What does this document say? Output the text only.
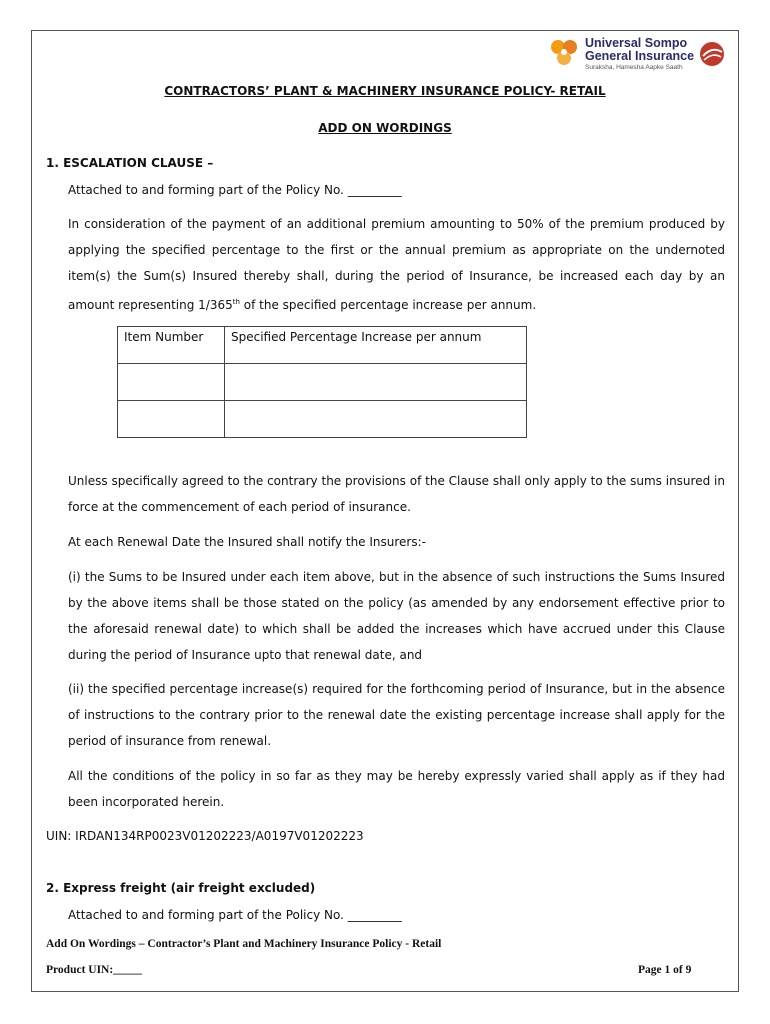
Universal Sompo
General Insurance
Suraksha, Hamesha Aapke Saath
CONTRACTORS’ PLANT & MACHINERY INSURANCE POLICY- RETAIL
ADD ON WORDINGS
1. ESCALATION CLAUSE –
Attached to and forming part of the Policy No. _________
In consideration of the payment of an additional premium amounting to 50% of the premium produced by applying the specified percentage to the first or the annual premium as appropriate on the undernoted item(s) the Sum(s) Insured thereby shall, during the period of Insurance, be increased each day by an amount representing 1/365th of the specified percentage increase per annum.
Item Number	Specified Percentage Increase per annum

Unless specifically agreed to the contrary the provisions of the Clause shall only apply to the sums insured in force at the commencement of each period of insurance.
At each Renewal Date the Insured shall notify the Insurers:-
(i) the Sums to be Insured under each item above, but in the absence of such instructions the Sums Insured by the above items shall be those stated on the policy (as amended by any endorsement effective prior to the aforesaid renewal date) to which shall be added the increases which have accrued under this Clause during the period of Insurance upto that renewal date, and
(ii) the specified percentage increase(s) required for the forthcoming period of Insurance, but in the absence of instructions to the contrary prior to the renewal date the existing percentage increase shall apply for the period of insurance from renewal.
All the conditions of the policy in so far as they may be hereby expressly varied shall apply as if they had been incorporated herein.
UIN: IRDAN134RP0023V01202223/A0197V01202223
2. Express freight (air freight excluded)
Attached to and forming part of the Policy No. _________
Add On Wordings – Contractor’s Plant and Machinery Insurance Policy - Retail
Product UIN:_____	Page 1 of 9
